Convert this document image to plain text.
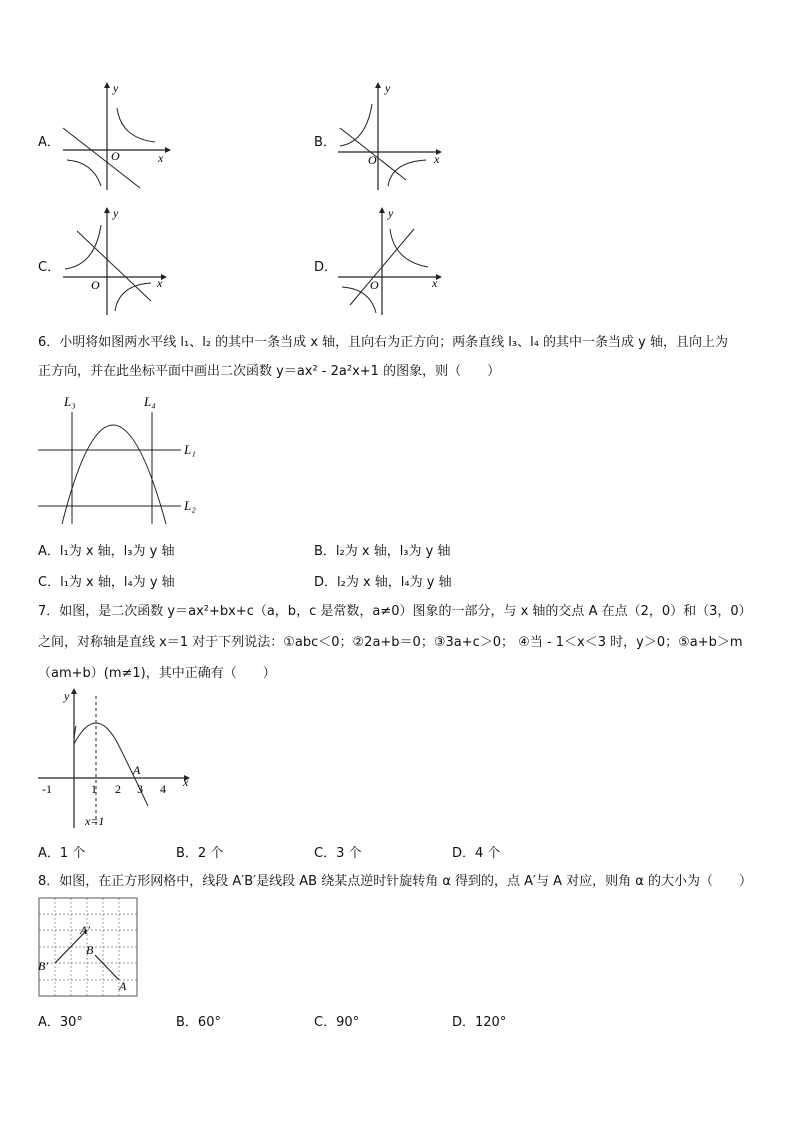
A．
y
x
O
B．
y
x
O
C．
y
x
O
D．
y
x
O
6．小明将如图两水平线 l₁、l₂ 的其中一条当成 x 轴，且向右为正方向；两条直线 l₃、l₄ 的其中一条当成 y 轴，且向上为
正方向，并在此坐标平面中画出二次函数 y＝ax² - 2a²x+1 的图象，则（　　）
L₃	L₄
L₁
L₂
A．l₁为 x 轴，l₃为 y 轴	B．l₂为 x 轴，l₃为 y 轴
C．l₁为 x 轴，l₄为 y 轴	D．l₂为 x 轴，l₄为 y 轴
7．如图，是二次函数 y＝ax²+bx+c（a，b，c 是常数，a≠0）图象的一部分，与 x 轴的交点 A 在点（2，0）和（3，0）
之间，对称轴是直线 x＝1 对于下列说法：①abc＜0；②2a+b＝0；③3a+c＞0； ④当 - 1＜x＜3 时，y＞0；⑤a+b＞m
（am+b）(m≠1)，其中正确有（　　）
y
x
A
-1	1 2 3 4
x=1
A．1 个	B．2 个	C．3 个	D．4 个
8．如图，在正方形网格中，线段 A′B′是线段 AB 绕某点逆时针旋转角 α 得到的，点 A′与 A 对应，则角 α 的大小为（　　）
A′
B′
B
A
A．30°	B．60°	C．90°	D．120°
